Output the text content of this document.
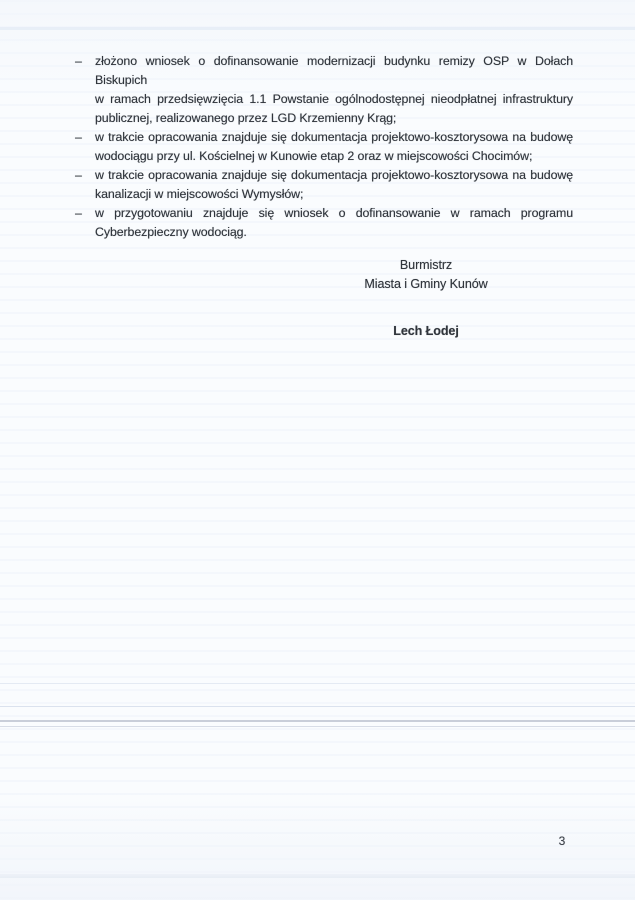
–	złożono wniosek o dofinansowanie modernizacji budynku remizy OSP w Dołach Biskupich
w ramach przedsięwzięcia 1.1 Powstanie ogólnodostępnej nieodpłatnej infrastruktury
publicznej, realizowanego przez LGD Krzemienny Krąg;
–	w trakcie opracowania znajduje się dokumentacja projektowo-kosztorysowa na budowę
wodociągu przy ul. Kościelnej w Kunowie etap 2 oraz w miejscowości Chocimów;
–	w trakcie opracowania znajduje się dokumentacja projektowo-kosztorysowa na budowę
kanalizacji w miejscowości Wymysłów;
–	w przygotowaniu znajduje się wniosek o dofinansowanie w ramach programu
Cyberbezpieczny wodociąg.
Burmistrz
Miasta i Gminy Kunów
Lech Łodej
3
